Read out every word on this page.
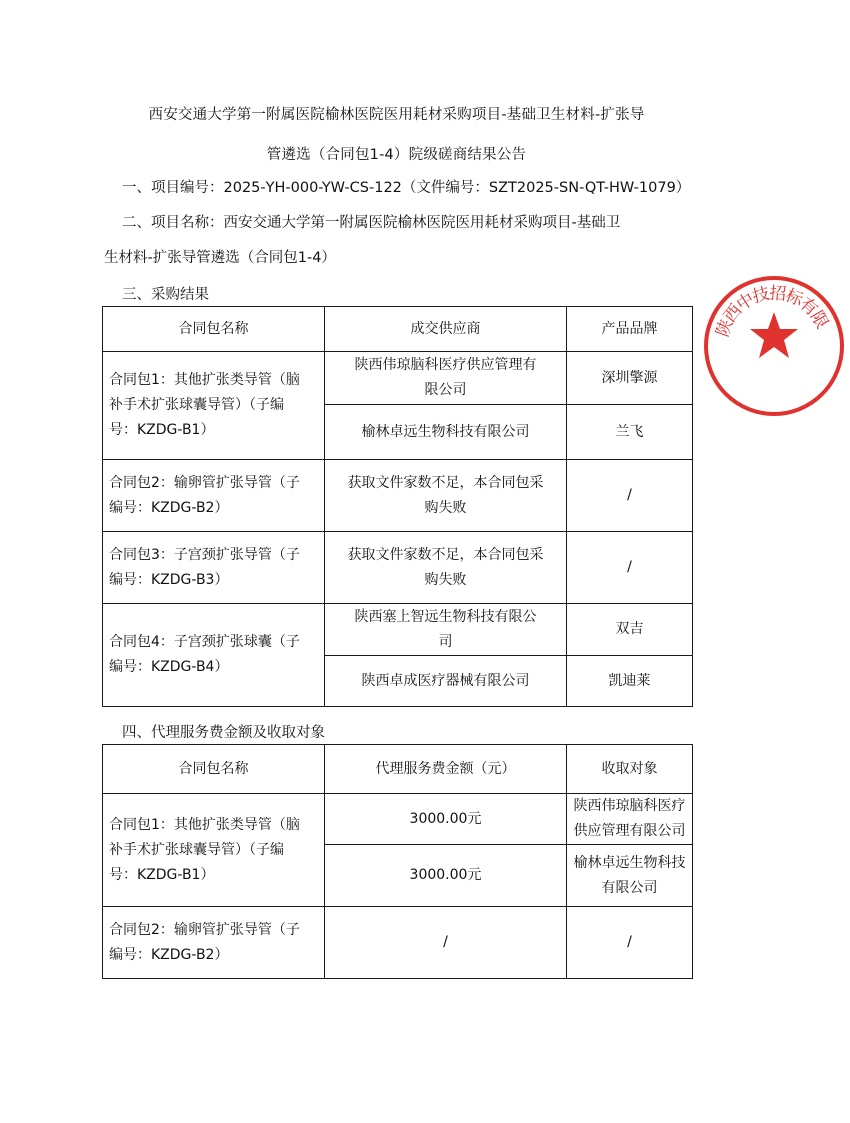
西安交通大学第一附属医院榆林医院医用耗材采购项目-基础卫生材料-扩张导
管遴选（合同包1-4）院级磋商结果公告
一、项目编号：2025-YH-000-YW-CS-122（文件编号：SZT2025-SN-QT-HW-1079）
二、项目名称：西安交通大学第一附属医院榆林医院医用耗材采购项目-基础卫
生材料-扩张导管遴选（合同包1-4）
三、采购结果
合同包名称	成交供应商	产品品牌

合同包1：其他扩张类导管（脑
补手术扩张球囊导管）（子编
号：KZDG-B1）	陕西伟琼脑科医疗供应管理有
限公司	深圳擎源
	榆林卓远生物科技有限公司	兰飞

合同包2：输卵管扩张导管（子
编号：KZDG-B2）	获取文件家数不足，本合同包采
购失败	/

合同包3：子宫颈扩张导管（子
编号：KZDG-B3）	获取文件家数不足，本合同包采
购失败	/

合同包4：子宫颈扩张球囊（子
编号：KZDG-B4）	陕西塞上智远生物科技有限公
司	双吉
	陕西卓成医疗器械有限公司	凯迪莱
四、代理服务费金额及收取对象
合同包名称	代理服务费金额（元）	收取对象

合同包1：其他扩张类导管（脑
补手术扩张球囊导管）（子编
号：KZDG-B1）	3000.00元	陕西伟琼脑科医疗
供应管理有限公司

	3000.00元	榆林卓远生物科技
有限公司

合同包2：输卵管扩张导管（子
编号：KZDG-B2）	/	/
陕
西
中
技
招
标
有
限
